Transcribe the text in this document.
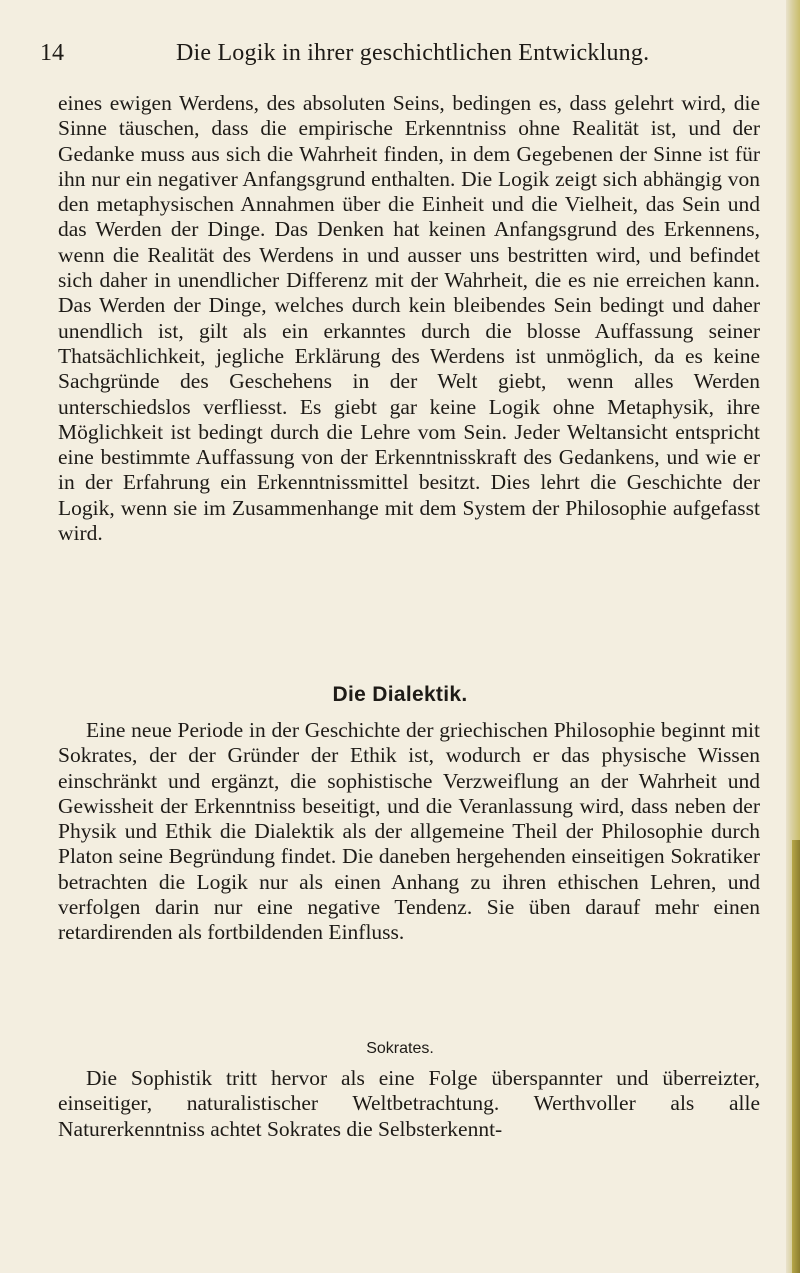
14	Die Logik in ihrer geschichtlichen Entwicklung.

eines ewigen Werdens, des absoluten Seins, bedingen es, dass gelehrt wird, die Sinne täuschen, dass die empirische Erkenntniss ohne Realität ist, und der Gedanke muss aus sich die Wahrheit finden, in dem Gegebenen der Sinne ist für ihn nur ein negativer Anfangsgrund enthalten. Die Logik zeigt sich abhängig von den metaphysischen Annahmen über die Einheit und die Vielheit, das Sein und das Werden der Dinge. Das Denken hat keinen Anfangsgrund des Erkennens, wenn die Realität des Werdens in und ausser uns bestritten wird, und befindet sich daher in unendlicher Differenz mit der Wahrheit, die es nie erreichen kann. Das Werden der Dinge, welches durch kein bleibendes Sein bedingt und daher unendlich ist, gilt als ein erkanntes durch die blosse Auffassung seiner Thatsächlichkeit, jegliche Erklärung des Werdens ist unmöglich, da es keine Sachgründe des Geschehens in der Welt giebt, wenn alles Werden unterschiedslos verfliesst. Es giebt gar keine Logik ohne Metaphysik, ihre Möglichkeit ist bedingt durch die Lehre vom Sein. Jeder Weltansicht entspricht eine bestimmte Auffassung von der Erkenntnisskraft des Gedankens, und wie er in der Erfahrung ein Erkenntnissmittel besitzt. Dies lehrt die Geschichte der Logik, wenn sie im Zusammenhange mit dem System der Philosophie aufgefasst wird.

Die Dialektik.

Eine neue Periode in der Geschichte der griechischen Philosophie beginnt mit Sokrates, der der Gründer der Ethik ist, wodurch er das physische Wissen einschränkt und ergänzt, die sophistische Verzweiflung an der Wahrheit und Gewissheit der Erkenntniss beseitigt, und die Veranlassung wird, dass neben der Physik und Ethik die Dialektik als der allgemeine Theil der Philosophie durch Platon seine Begründung findet. Die daneben hergehenden einseitigen Sokratiker betrachten die Logik nur als einen Anhang zu ihren ethischen Lehren, und verfolgen darin nur eine negative Tendenz. Sie üben darauf mehr einen retardirenden als fortbildenden Einfluss.

Sokrates.

Die Sophistik tritt hervor als eine Folge überspannter und überreizter, einseitiger, naturalistischer Weltbetrachtung. Werthvoller als alle Naturerkenntniss achtet Sokrates die Selbsterkennt-
